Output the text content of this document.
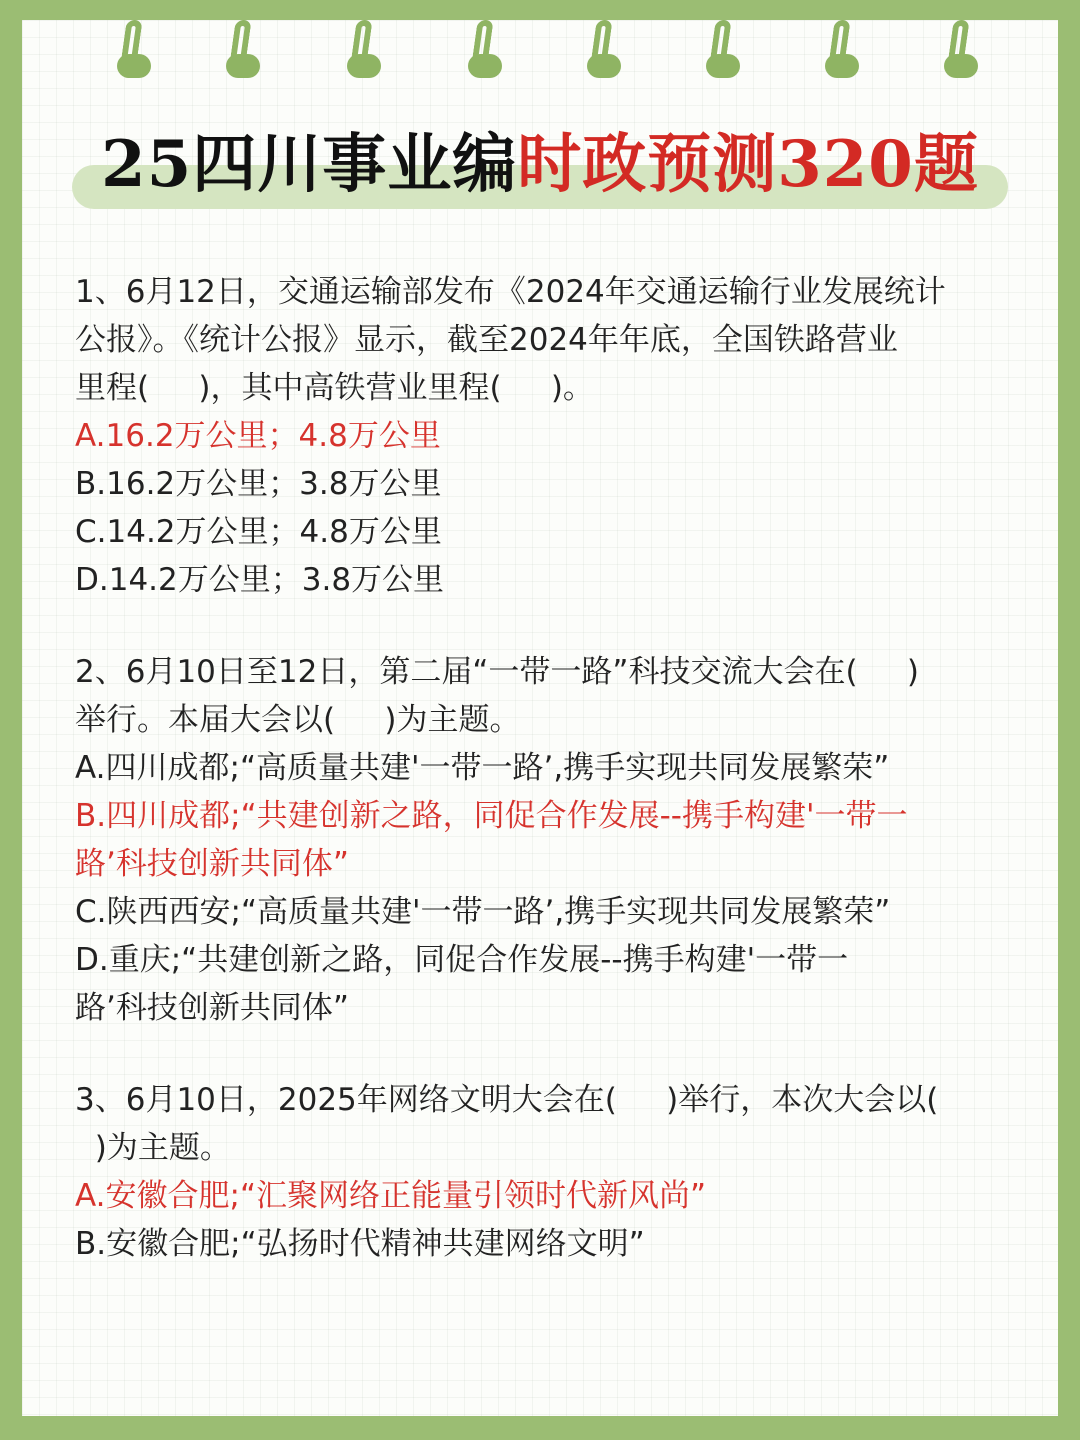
25四川事业编时政预测320题
1、6月12日，交通运输部发布《2024年交通运输行业发展统计
公报》。《统计公报》显示，截至2024年年底，全国铁路营业
里程(     )，其中高铁营业里程(     )。
A.16.2万公里；4.8万公里
B.16.2万公里；3.8万公里
C.14.2万公里；4.8万公里
D.14.2万公里；3.8万公里
2、6月10日至12日，第二届“一带一路”科技交流大会在(     )
举行。本届大会以(     )为主题。
A.四川成都;“高质量共建'一带一路’,携手实现共同发展繁荣”
B.四川成都;“共建创新之路，同促合作发展--携手构建'一带一
路’科技创新共同体”
C.陕西西安;“高质量共建'一带一路’,携手实现共同发展繁荣”
D.重庆;“共建创新之路，同促合作发展--携手构建'一带一
路’科技创新共同体”
3、6月10日，2025年网络文明大会在(     )举行，本次大会以(
)为主题。
A.安徽合肥;“汇聚网络正能量引领时代新风尚”
B.安徽合肥;“弘扬时代精神共建网络文明”
